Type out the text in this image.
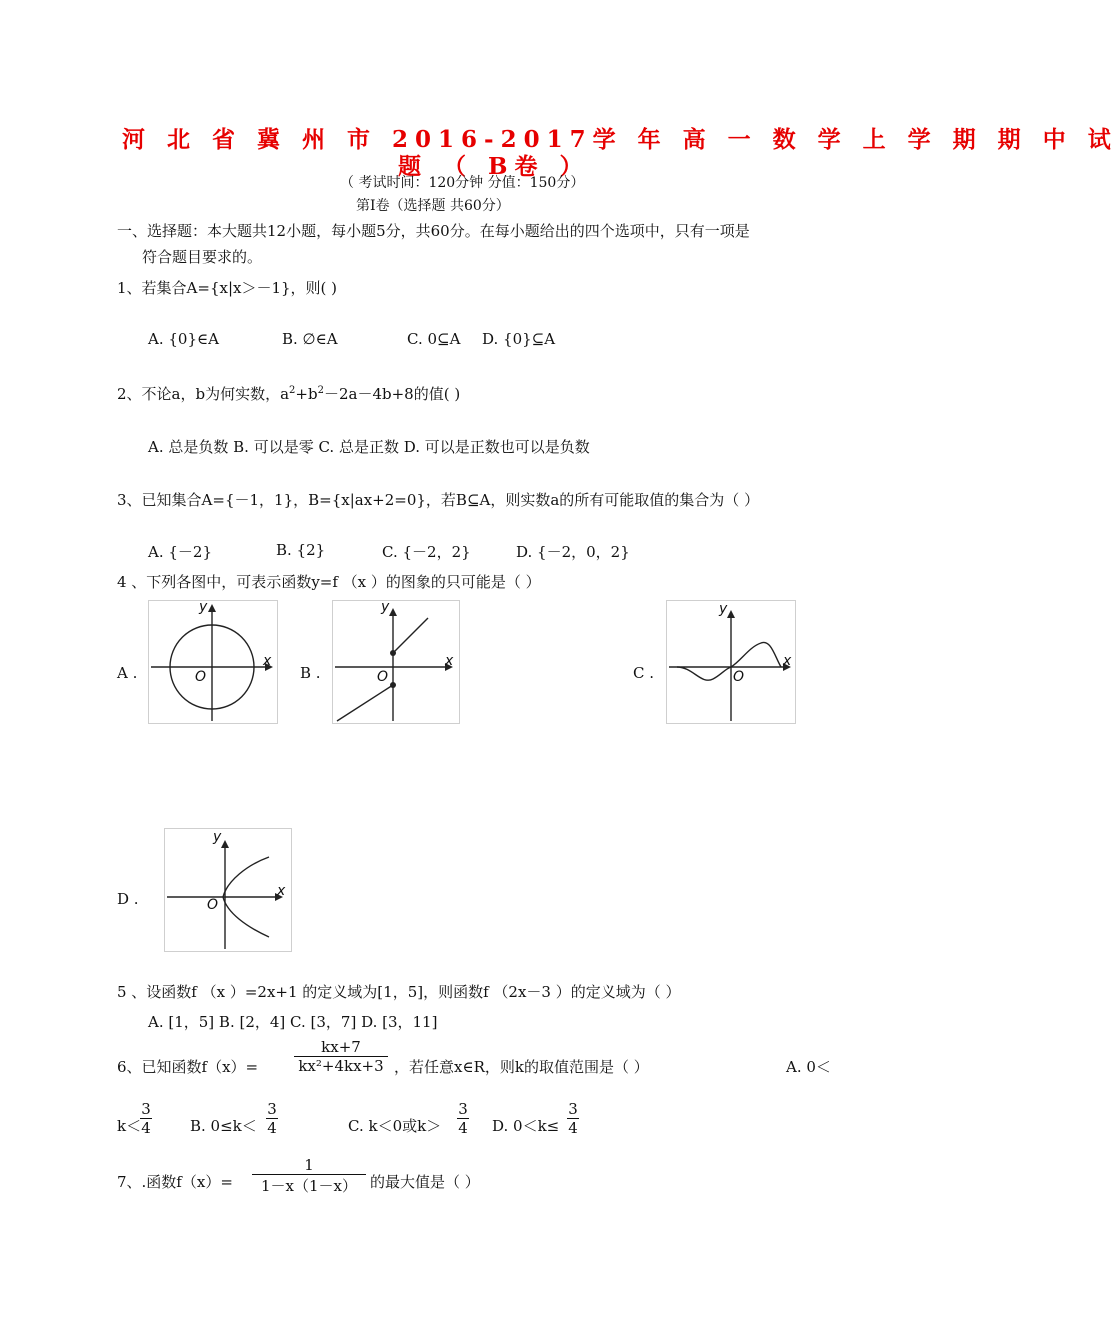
河 北 省 冀 州 市 2016-2017学 年 高 一 数 学 上 学 期 期 中 试
题 （ B卷 ）
（ 考试时间：120分钟 分值：150分）
第Ⅰ卷（选择题 共60分）
一、选择题：本大题共12小题，每小题5分，共60分。在每小题给出的四个选项中，只有一项是
符合题目要求的。
1、若集合A={x|x＞－1}，则( )
A. {0}∈A	B. ∅∈A	C. 0⊆A D. {0}⊆A
2、不论a，b为何实数，$a^2+b^2-2a-4b+8$的值( )
A. 总是负数 B. 可以是零 C. 总是正数 D. 可以是正数也可以是负数
3、已知集合A={－1，1}，B={x|ax+2=0}，若B⊆A，则实数a的所有可能取值的集合为（ ）
A. {－2}	B. {2}	C. {－2，2}	D. {－2，0，2}
4 、下列各图中，可表示函数y=f （x ）的图象的只可能是（ ）
A .
x
y
O	B .
x
y
O	C .
x
y
O
D .	x
y
O
5 、设函数f （x ）=2x+1 的定义域为[1，5]，则函数f （2x－3 ）的定义域为（ ）
A. [1，5] B. [2，4] C. [3，7] D. [3，11]
6、已知函数f（x）=
kx+7
kx²+4kx+3 ，若任意x∈R，则k的取值范围是（ ）	A. 0＜
k＜
3
4	B. 0≤k＜
3
4	C. k＜0或k＞
3
4 D. 0＜k≤
3
4
7、.函数f（x）=
1
1－x（1－x） 的最大值是（ ）
